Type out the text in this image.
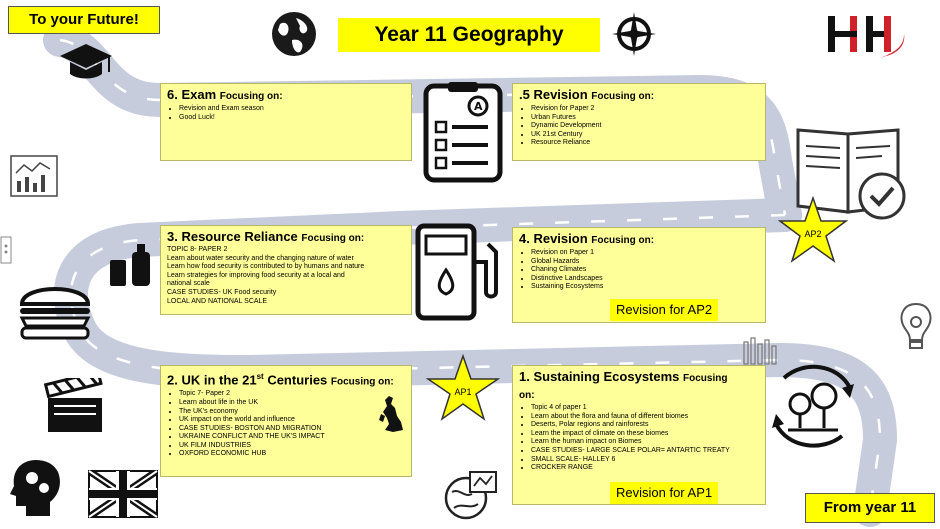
To your Future!
Year 11 Geography
6. Exam Focusing on:
• Revision and Exam season
• Good Luck!
A
.5 Revision Focusing on:
• Revision for Paper 2
• Urban Futures
• Dynamic Development
• UK 21st Century
• Resource Reliance
AP2
3. Resource Reliance Focusing on:

TOPIC 8- PAPER 2

Learn about water security and the changing nature of water

Learn how food security is contributed to by humans and nature

Learn strategies for improving food security at a local and

national scale

CASE STUDIES- UK Food security

LOCAL AND NATIONAL SCALE

4. Revision Focusing on:
• Revision on Paper 1
• Global Hazards
• Chaning Climates
• Distinctive Landscapes
• Sustaining Ecosystems
Revision for AP2
2. UK in the 21st Centuries Focusing on:
• Topic 7- Paper 2
• Learn about life in the UK
• The UK's economy
• UK impact on the world and influence
• CASE STUDIES- BOSTON AND MIGRATION
• UKRAINE CONFLICT AND THE UK'S IMPACT
• UK FILM INDUSTRIES
• OXFORD ECONOMIC HUB
AP1
1. Sustaining Ecosystems Focusing
on:
• Topic 4 of paper 1
• Learn about the flora and fauna of different biomes
• Deserts, Polar regions and rainforests
• Learn the impact of climate on these biomes
• Learn the human impact on Biomes
• CASE STUDIES- LARGE SCALE POLAR= ANTARTIC TREATY
• SMALL SCALE- HALLEY 6
• CROCKER RANGE
Revision for AP1
From year 11
